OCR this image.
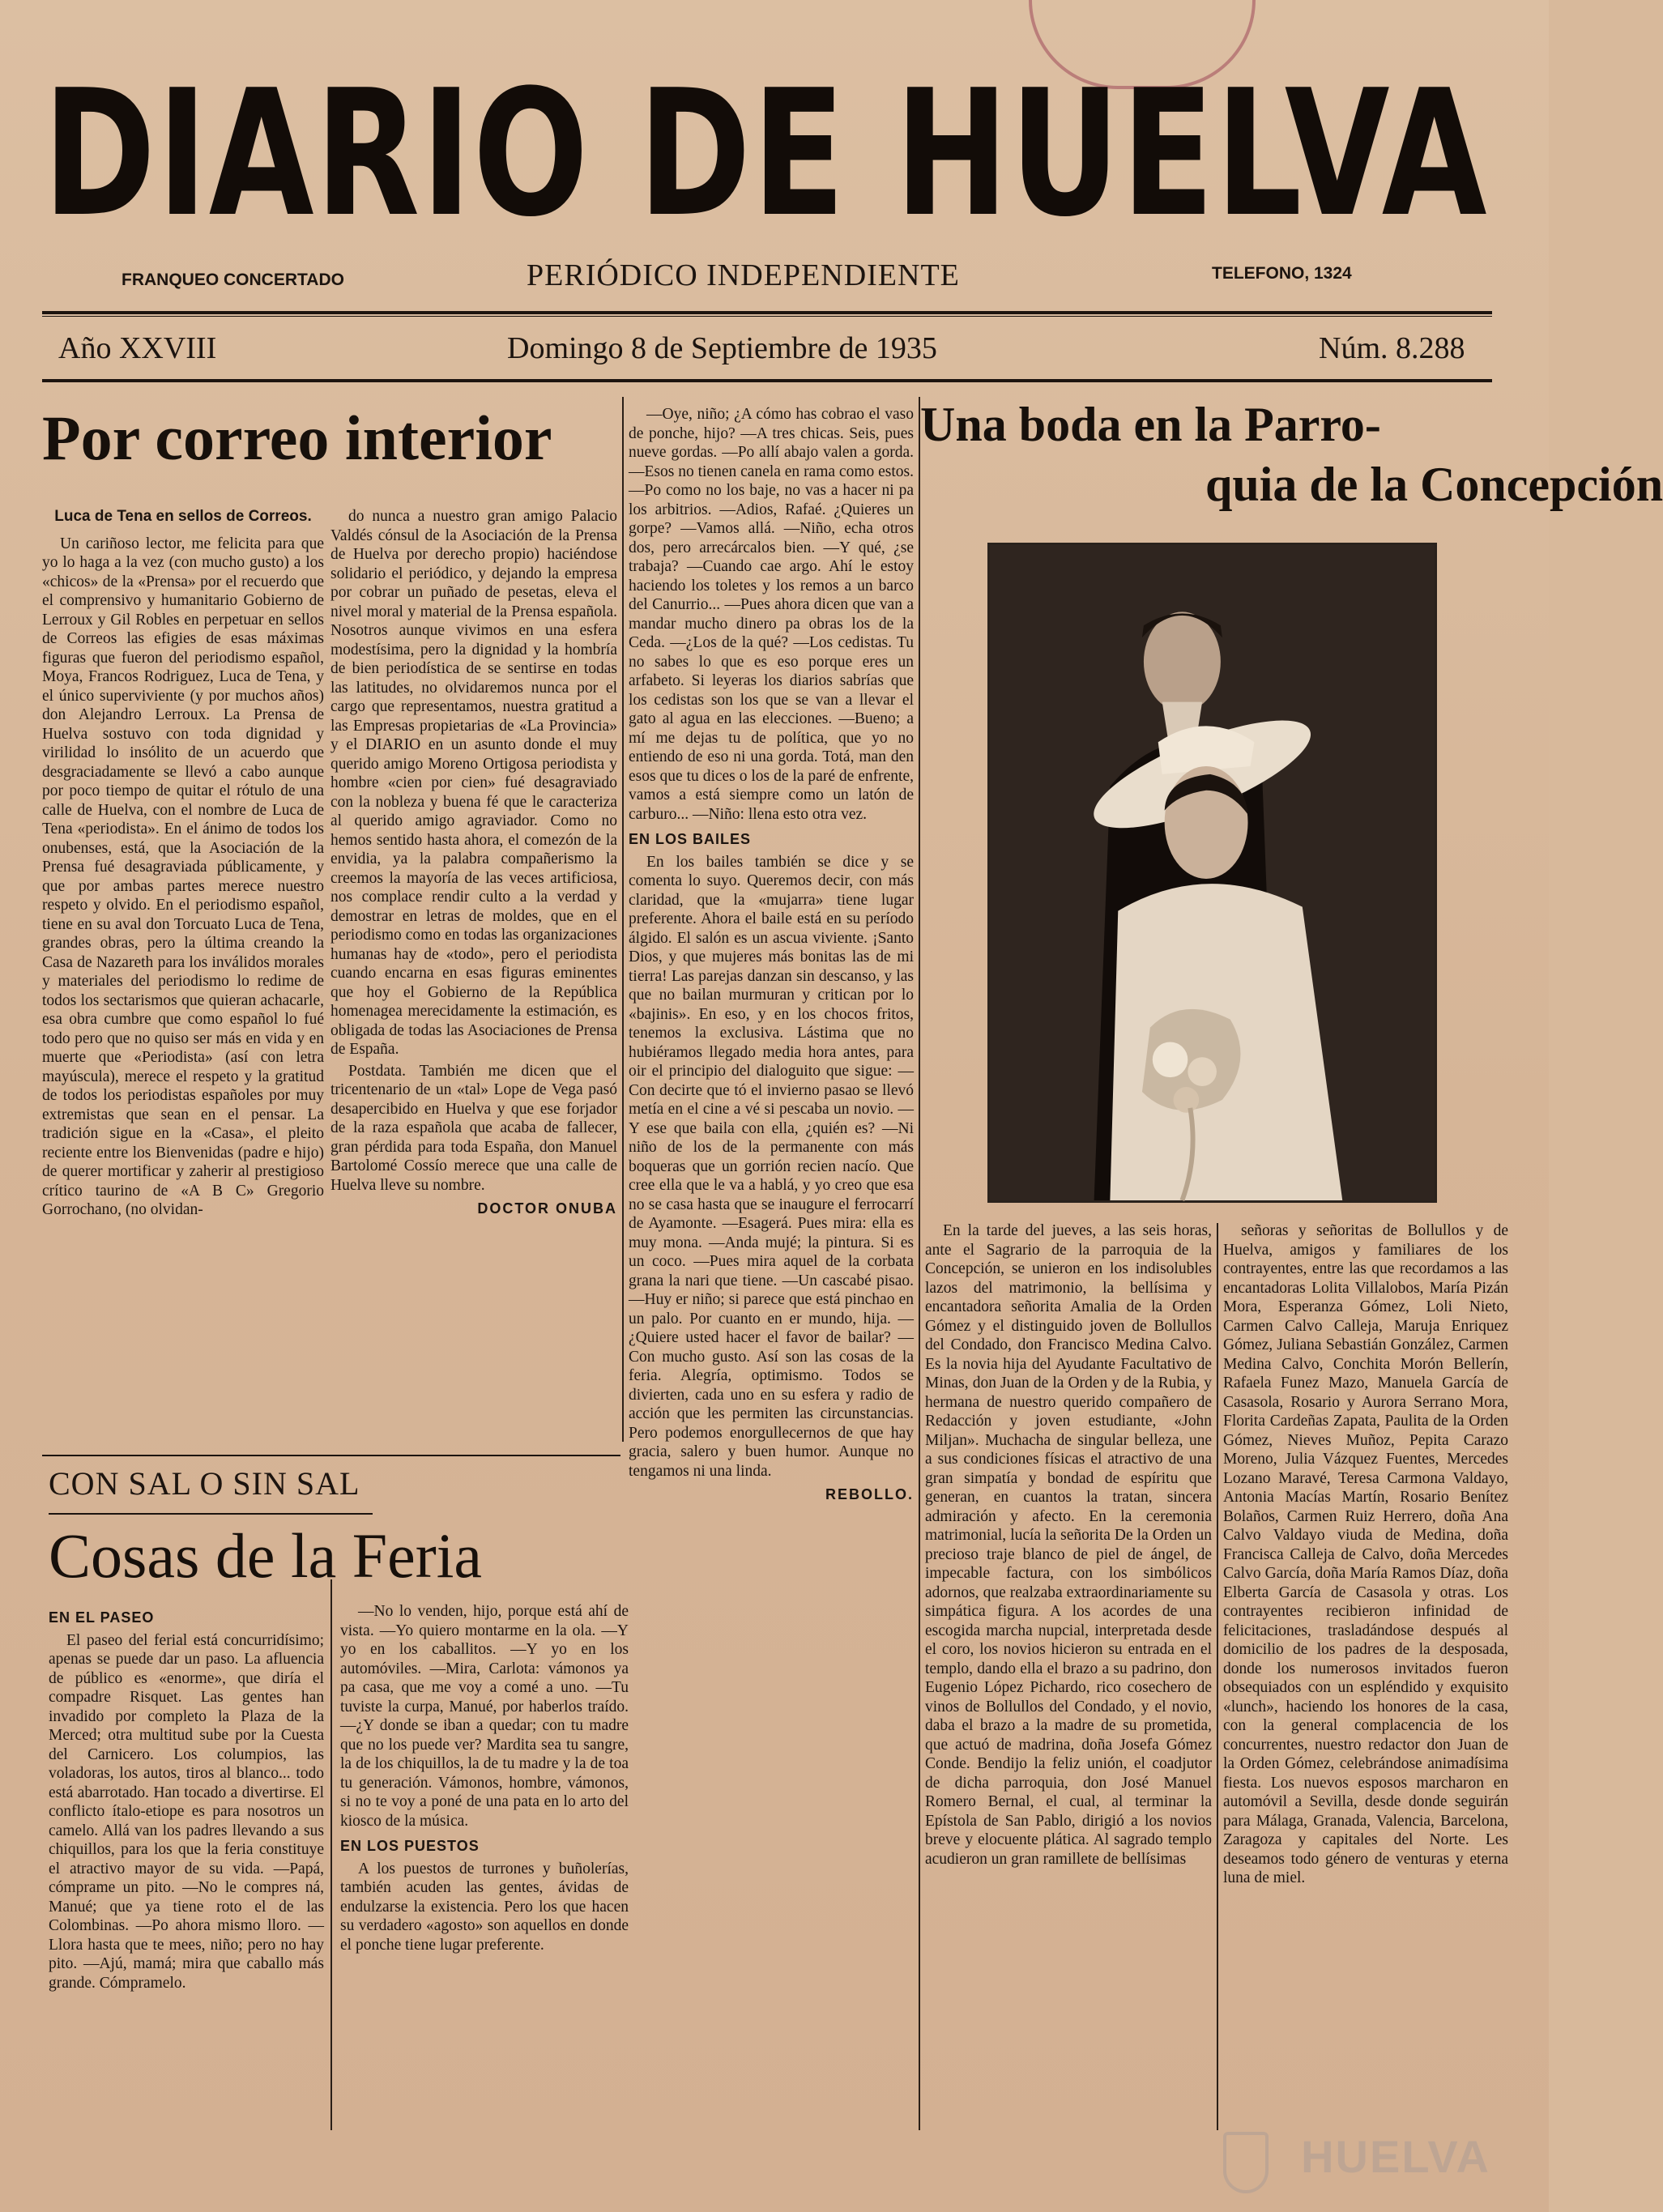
DIARIO DE HUELVA
FRANQUEO CONCERTADO	PERIÓDICO INDEPENDIENTE	TELEFONO, 1324
Año XXVIII	Domingo 8 de Septiembre de 1935	Núm. 8.288
Por correo interior

Luca de Tena en sellos de Correos.

Un cariñoso lector, me felicita para que yo lo haga a la vez (con mucho gusto) a los «chicos» de la «Prensa» por el recuerdo que el comprensivo y humanitario Gobierno de Lerroux y Gil Robles en perpetuar en sellos de Correos las efigies de esas máximas figuras que fueron del periodismo español, Moya, Francos Rodriguez, Luca de Tena, y el único superviviente (y por muchos años) don Alejandro Lerroux. La Prensa de Huelva sostuvo con toda dignidad y virilidad lo insólito de un acuerdo que desgraciadamente se llevó a cabo aunque por poco tiempo de quitar el rótulo de una calle de Huelva, con el nombre de Luca de Tena «periodista». En el ánimo de todos los onubenses, está, que la Asociación de la Prensa fué desagraviada públicamente, y que por ambas partes merece nuestro respeto y olvido. En el periodismo español, tiene en su aval don Torcuato Luca de Tena, grandes obras, pero la última creando la Casa de Nazareth para los inválidos morales y materiales del periodismo lo redime de todos los sectarismos que quieran achacarle, esa obra cumbre que como español lo fué todo pero que no quiso ser más en vida y en muerte que «Periodista» (así con letra mayúscula), merece el respeto y la gratitud de todos los periodistas españoles por muy extremistas que sean en el pensar. La tradición sigue en la «Casa», el pleito reciente entre los Bienvenidas (padre e hijo) de querer mortificar y zaherir al prestigioso crítico taurino de «A B C» Gregorio Gorrochano, (no olvidan-

do nunca a nuestro gran amigo Palacio Valdés cónsul de la Asociación de la Prensa de Huelva por derecho propio) haciéndose solidario el periódico, y dejando la empresa por cobrar un puñado de pesetas, eleva el nivel moral y material de la Prensa española. Nosotros aunque vivimos en una esfera modestísima, pero la dignidad y la hombría de bien periodística de se sentirse en todas las latitudes, no olvidaremos nunca por el cargo que representamos, nuestra gratitud a las Empresas propietarias de «La Provincia» y el DIARIO en un asunto donde el muy querido amigo Moreno Ortigosa periodista y hombre «cien por cien» fué desagraviado con la nobleza y buena fé que le caracteriza al querido amigo agraviador. Como no hemos sentido hasta ahora, el comezón de la envidia, ya la palabra compañerismo la creemos la mayoría de las veces artificiosa, nos complace rendir culto a la verdad y demostrar en letras de moldes, que en el periodismo como en todas las organizaciones humanas hay de «todo», pero el periodista cuando encarna en esas figuras eminentes que hoy el Gobierno de la República homenagea merecidamente la estimación, es obligada de todas las Asociaciones de Prensa de España.

Postdata. También me dicen que el tricentenario de un «tal» Lope de Vega pasó desapercibido en Huelva y que ese forjador de la raza española que acaba de fallecer, gran pérdida para toda España, don Manuel Bartolomé Cossío merece que una calle de Huelva lleve su nombre.

DOCTOR ONUBA

CON SAL O SIN SAL
Cosas de la Feria

EN EL PASEO

El paseo del ferial está concurridísimo; apenas se puede dar un paso. La afluencia de público es «enorme», que diría el compadre Risquet. Las gentes han invadido por completo la Plaza de la Merced; otra multitud sube por la Cuesta del Carnicero. Los columpios, las voladoras, los autos, tiros al blanco... todo está abarrotado. Han tocado a divertirse. El conflicto ítalo-etiope es para nosotros un camelo. Allá van los padres llevando a sus chiquillos, para los que la feria constituye el atractivo mayor de su vida. —Papá, cómprame un pito. —No le compres ná, Manué; que ya tiene roto el de las Colombinas. —Po ahora mismo lloro. —Llora hasta que te mees, niño; pero no hay pito. —Ajú, mamá; mira que caballo más grande. Cómpramelo.

—No lo venden, hijo, porque está ahí de vista. —Yo quiero montarme en la ola. —Y yo en los caballitos. —Y yo en los automóviles. —Mira, Carlota: vámonos ya pa casa, que me voy a comé a uno. —Tu tuviste la curpa, Manué, por haberlos traído. —¿Y donde se iban a quedar; con tu madre que no los puede ver? Mardita sea tu sangre, la de los chiquillos, la de tu madre y la de toa tu generación. Vámonos, hombre, vámonos, si no te voy a poné de una pata en lo arto del kiosco de la música.

EN LOS PUESTOS

A los puestos de turrones y buñolerías, también acuden las gentes, ávidas de endulzarse la existencia. Pero los que hacen su verdadero «agosto» son aquellos en donde el ponche tiene lugar preferente.

—Oye, niño; ¿A cómo has cobrao el vaso de ponche, hijo? —A tres chicas. Seis, pues nueve gordas. —Po allí abajo valen a gorda. —Esos no tienen canela en rama como estos. —Po como no los baje, no vas a hacer ni pa los arbitrios. —Adios, Rafaé. ¿Quieres un gorpe? —Vamos allá. —Niño, echa otros dos, pero arrecárcalos bien. —Y qué, ¿se trabaja? —Cuando cae argo. Ahí le estoy haciendo los toletes y los remos a un barco del Canurrio... —Pues ahora dicen que van a mandar mucho dinero pa obras los de la Ceda. —¿Los de la qué? —Los cedistas. Tu no sabes lo que es eso porque eres un arfabeto. Si leyeras los diarios sabrías que los cedistas son los que se van a llevar el gato al agua en las elecciones. —Bueno; a mí me dejas tu de política, que yo no entiendo de eso ni una gorda. Totá, man den esos que tu dices o los de la paré de enfrente, vamos a está siempre como un latón de carburo... —Niño: llena esto otra vez.

EN LOS BAILES

En los bailes también se dice y se comenta lo suyo. Queremos decir, con más claridad, que la «mujarra» tiene lugar preferente. Ahora el baile está en su período álgido. El salón es un ascua viviente. ¡Santo Dios, y que mujeres más bonitas las de mi tierra! Las parejas danzan sin descanso, y las que no bailan murmuran y critican por lo «bajinis». En eso, y en los chocos fritos, tenemos la exclusiva. Lástima que no hubiéramos llegado media hora antes, para oir el principio del dialoguito que sigue: —Con decirte que tó el invierno pasao se llevó metía en el cine a vé si pescaba un novio. —Y ese que baila con ella, ¿quién es? —Ni niño de los de la permanente con más boqueras que un gorrión recien nacío. Que cree ella que le va a hablá, y yo creo que esa no se casa hasta que se inaugure el ferrocarrí de Ayamonte. —Esagerá. Pues mira: ella es muy mona. —Anda mujé; la pintura. Si es un coco. —Pues mira aquel de la corbata grana la nari que tiene. —Un cascabé pisao. —Huy er niño; si parece que está pinchao en un palo. Por cuanto en er mundo, hija. —¿Quiere usted hacer el favor de bailar? —Con mucho gusto. Así son las cosas de la feria. Alegría, optimismo. Todos se divierten, cada uno en su esfera y radio de acción que les permiten las circunstancias. Pero podemos enorgullecernos de que hay gracia, salero y buen humor. Aunque no tengamos ni una linda.

REBOLLO.

Una boda en la Parro-
quia de la Concepción

En la tarde del jueves, a las seis horas, ante el Sagrario de la parroquia de la Concepción, se unieron en los indisolubles lazos del matrimonio, la bellísima y encantadora señorita Amalia de la Orden Gómez y el distinguido joven de Bollullos del Condado, don Francisco Medina Calvo. Es la novia hija del Ayudante Facultativo de Minas, don Juan de la Orden y de la Rubia, y hermana de nuestro querido compañero de Redacción y joven estudiante, «John Miljan». Muchacha de singular belleza, une a sus condiciones físicas el atractivo de una gran simpatía y bondad de espíritu que generan, en cuantos la tratan, sincera admiración y afecto. En la ceremonia matrimonial, lucía la señorita De la Orden un precioso traje blanco de piel de ángel, de impecable factura, con los simbólicos adornos, que realzaba extraordinariamente su simpática figura. A los acordes de una escogida marcha nupcial, interpretada desde el coro, los novios hicieron su entrada en el templo, dando ella el brazo a su padrino, don Eugenio López Pichardo, rico cosechero de vinos de Bollullos del Condado, y el novio, daba el brazo a la madre de su prometida, que actuó de madrina, doña Josefa Gómez Conde. Bendijo la feliz unión, el coadjutor de dicha parroquia, don José Manuel Romero Bernal, el cual, al terminar la Epístola de San Pablo, dirigió a los novios breve y elocuente plática. Al sagrado templo acudieron un gran ramillete de bellísimas

señoras y señoritas de Bollullos y de Huelva, amigos y familiares de los contrayentes, entre las que recordamos a las encantadoras Lolita Villalobos, María Pizán Mora, Esperanza Gómez, Loli Nieto, Carmen Calvo Calleja, Maruja Enriquez Gómez, Juliana Sebastián González, Carmen Medina Calvo, Conchita Morón Bellerín, Rafaela Funez Mazo, Manuela García de Casasola, Rosario y Aurora Serrano Mora, Florita Cardeñas Zapata, Paulita de la Orden Gómez, Nieves Muñoz, Pepita Carazo Moreno, Julia Vázquez Fuentes, Mercedes Lozano Maravé, Teresa Carmona Valdayo, Antonia Macías Martín, Rosario Benítez Bolaños, Carmen Ruiz Herrero, doña Ana Calvo Valdayo viuda de Medina, doña Francisca Calleja de Calvo, doña Mercedes Calvo García, doña María Ramos Díaz, doña Elberta García de Casasola y otras. Los contrayentes recibieron infinidad de felicitaciones, trasladándose después al domicilio de los padres de la desposada, donde los numerosos invitados fueron obsequiados con un espléndido y exquisito «lunch», haciendo los honores de la casa, con la general complacencia de los concurrentes, nuestro redactor don Juan de la Orden Gómez, celebrándose animadísima fiesta. Los nuevos esposos marcharon en automóvil a Sevilla, desde donde seguirán para Málaga, Granada, Valencia, Barcelona, Zaragoza y capitales del Norte. Les deseamos todo género de venturas y eterna luna de miel.

HUELVA
